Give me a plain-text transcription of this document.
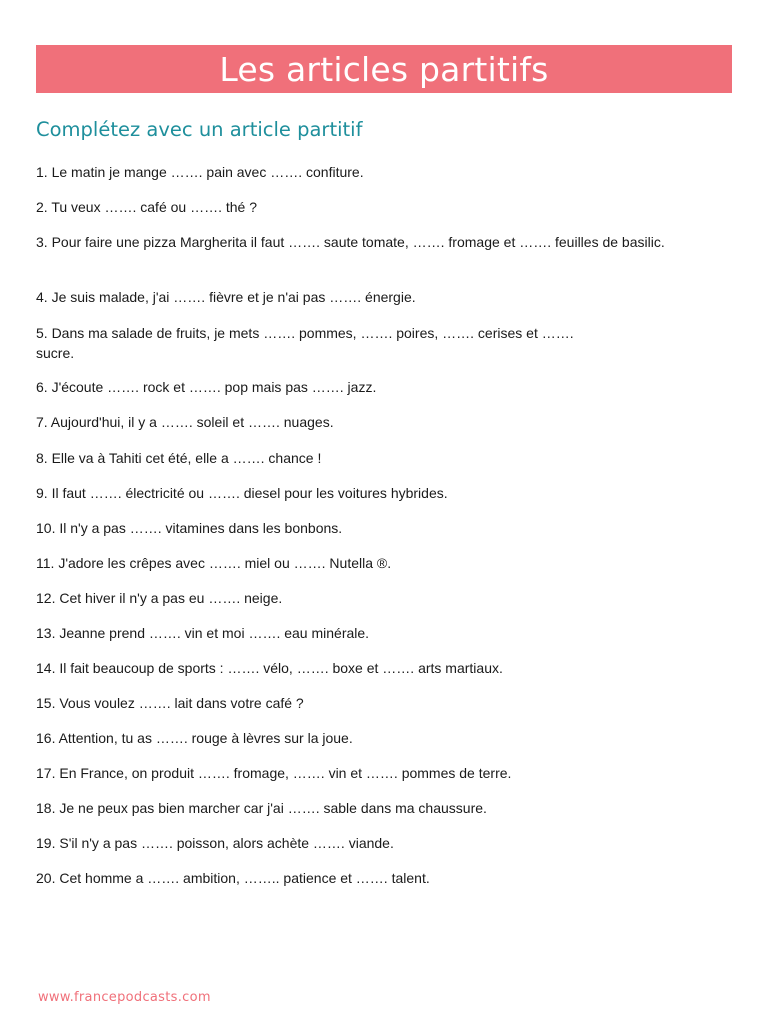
Les articles partitifs
Complétez avec un article partitif
1. Le matin je mange ……. pain avec ……. confiture.
2. Tu veux ……. café ou ……. thé ?
3. Pour faire une pizza Margherita il faut ……. saute tomate, ……. fromage et ……. feuilles de basilic.
4. Je suis malade, j'ai ……. fièvre et je n'ai pas ……. énergie.
5. Dans ma salade de fruits, je mets ……. pommes, ……. poires, ……. cerises et ……. sucre.
6. J'écoute ……. rock et ……. pop mais pas ……. jazz.
7. Aujourd'hui, il y a ……. soleil et ……. nuages.
8. Elle va à Tahiti cet été, elle a ……. chance !
9. Il faut ……. électricité ou ……. diesel pour les voitures hybrides.
10. Il n'y a pas ……. vitamines dans les bonbons.
11. J'adore les crêpes avec ……. miel ou ……. Nutella ®.
12. Cet hiver il n'y a pas eu ……. neige.
13. Jeanne prend ……. vin et moi ……. eau minérale.
14. Il fait beaucoup de sports : ……. vélo, ……. boxe et ……. arts martiaux.
15. Vous voulez ……. lait dans votre café ?
16. Attention, tu as ……. rouge à lèvres sur la joue.
17. En France, on produit ……. fromage, ……. vin et ……. pommes de terre.
18. Je ne peux pas bien marcher car j'ai ……. sable dans ma chaussure.
19. S'il n'y a pas ……. poisson, alors achète ……. viande.
20. Cet homme a ……. ambition, …….. patience et ……. talent.
www.francepodcasts.com
